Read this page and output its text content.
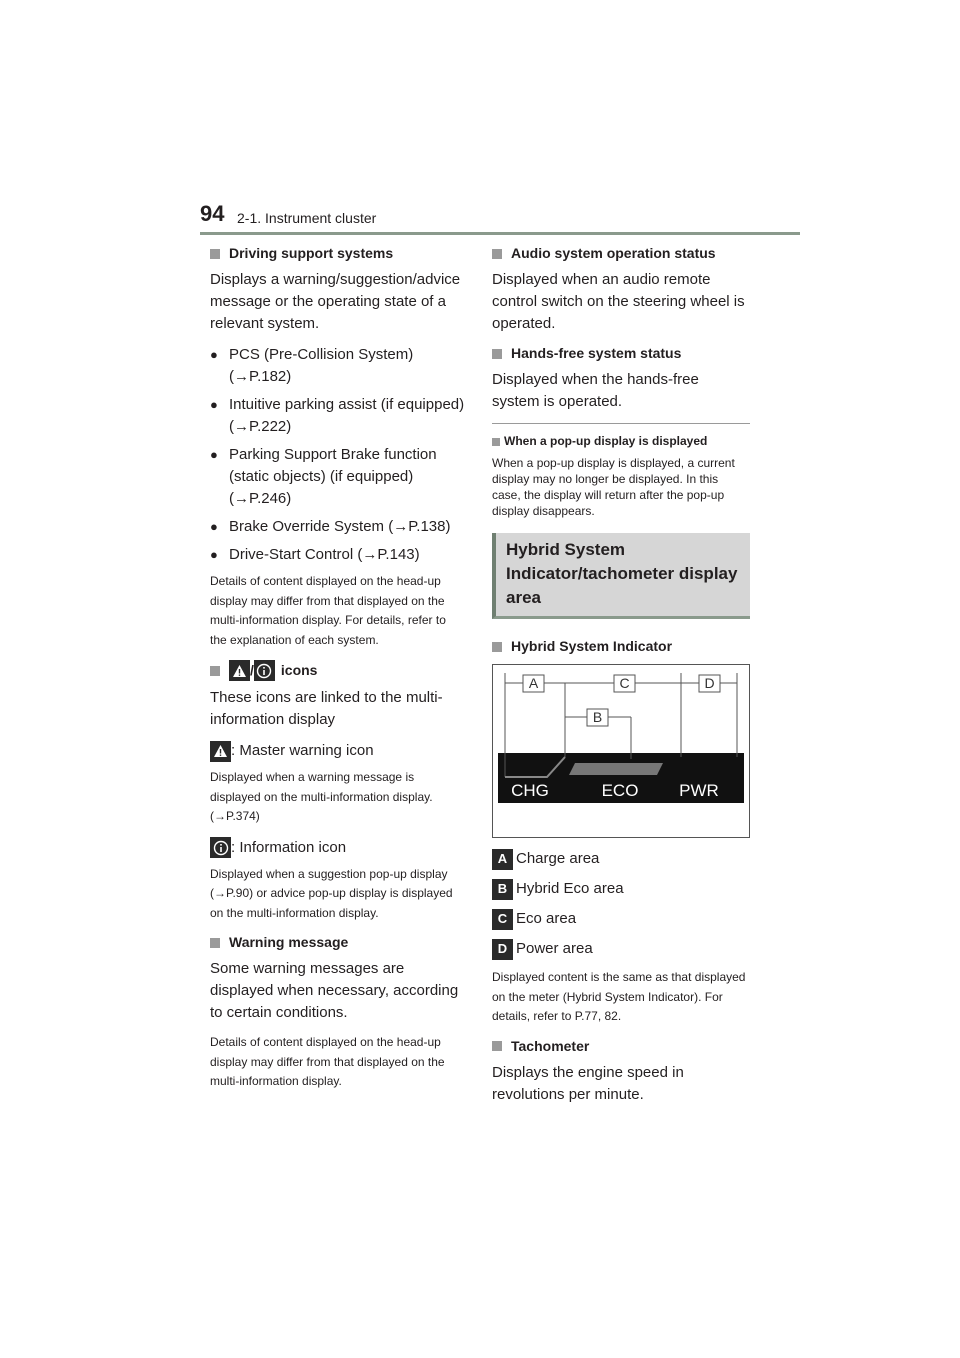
94 2-1. Instrument cluster
Driving support systems

Displays a warning/suggestion/advice message or the operating state of a relevant system.

● PCS (Pre-Collision System) (→P.182)
● Intuitive parking assist (if equipped) (→P.222)
● Parking Support Brake function (static objects) (if equipped) (→P.246)
● Brake Override System (→P.138)
● Drive-Start Control (→P.143)

Details of content displayed on the head-up display may differ from that displayed on the multi-information display. For details, refer to the explanation of each system.

/ icons

These icons are linked to the multi-information display

: Master warning icon

Displayed when a warning message is displayed on the multi-information display. (→P.374)

: Information icon

Displayed when a suggestion pop-up display (→P.90) or advice pop-up display is displayed on the multi-information display.

Warning message

Some warning messages are displayed when necessary, according to certain conditions.

Details of content displayed on the head-up display may differ from that displayed on the multi-information display.

Audio system operation status

Displayed when an audio remote control switch on the steering wheel is operated.

Hands-free system status

Displayed when the hands-free system is operated.

When a pop-up display is displayed

When a pop-up display is displayed, a current display may no longer be displayed. In this case, the display will return after the pop-up display disappears.

Hybrid System Indicator/tachometer display area
Hybrid System Indicator
A
B
C	D
CHG	ECO PWR
A Charge area
B Hybrid Eco area
C Eco area
D Power area

Displayed content is the same as that displayed on the meter (Hybrid System Indicator). For details, refer to P.77, 82.

Tachometer

Displays the engine speed in revolutions per minute.
